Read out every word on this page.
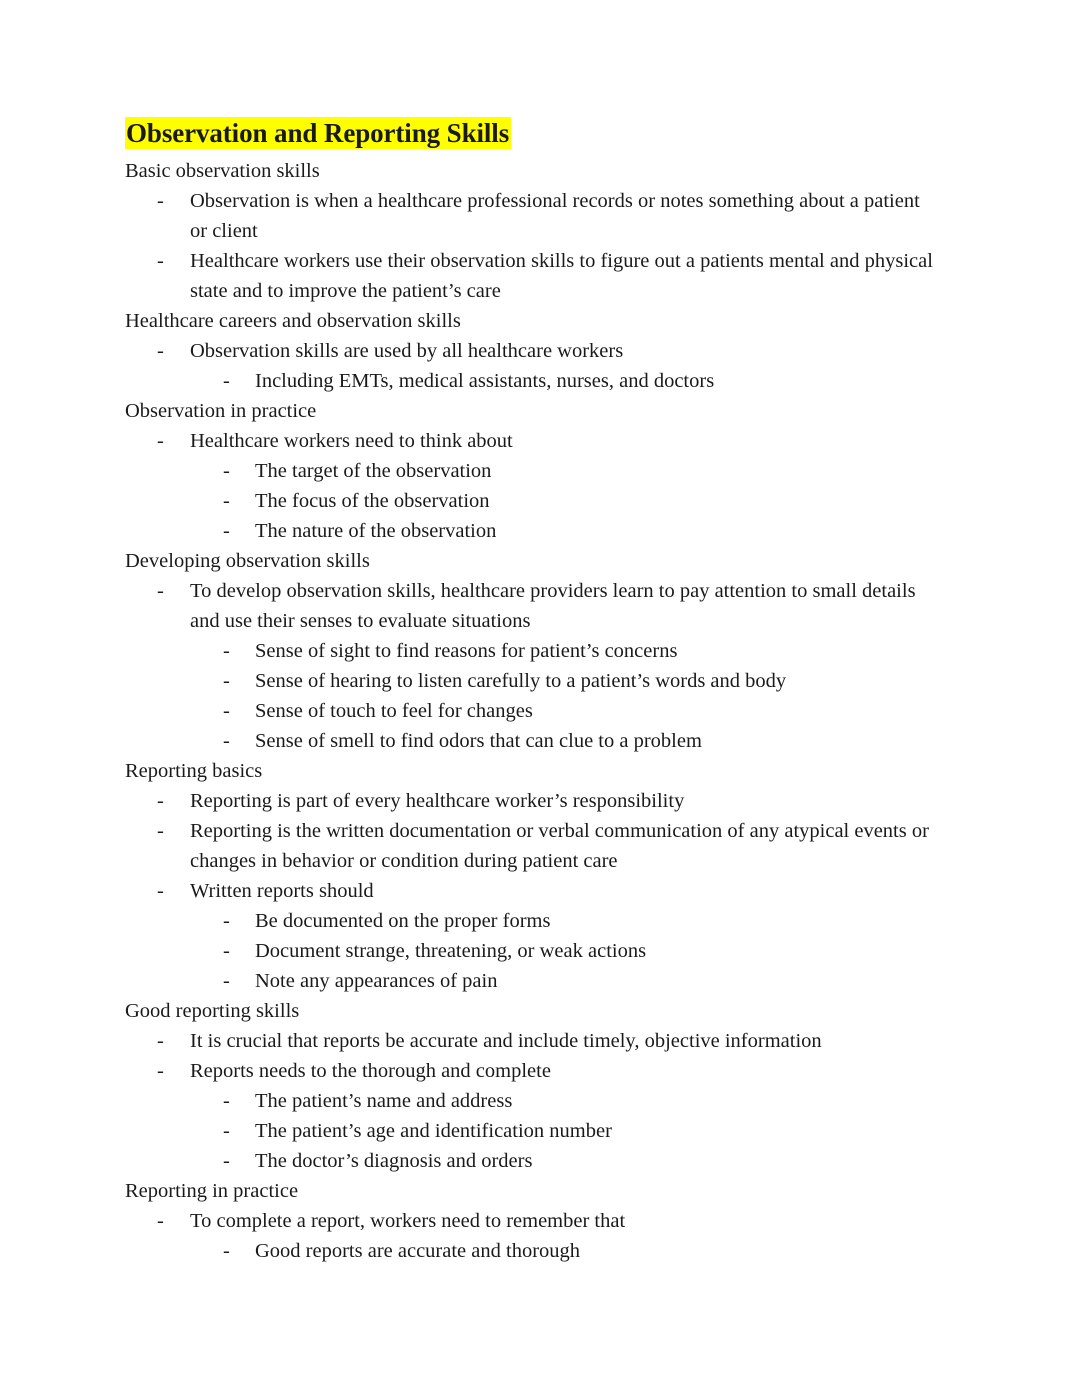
Observation and Reporting Skills
Basic observation skills
- Observation is when a healthcare professional records or notes something about a patient or client
- Healthcare workers use their observation skills to figure out a patients mental and physical state and to improve the patient’s care
Healthcare careers and observation skills
- Observation skills are used by all healthcare workers
- Including EMTs, medical assistants, nurses, and doctors
Observation in practice
- Healthcare workers need to think about
- The target of the observation
- The focus of the observation
- The nature of the observation
Developing observation skills
- To develop observation skills, healthcare providers learn to pay attention to small details and use their senses to evaluate situations
- Sense of sight to find reasons for patient’s concerns
- Sense of hearing to listen carefully to a patient’s words and body
- Sense of touch to feel for changes
- Sense of smell to find odors that can clue to a problem
Reporting basics
- Reporting is part of every healthcare worker’s responsibility
- Reporting is the written documentation or verbal communication of any atypical events or changes in behavior or condition during patient care
- Written reports should
- Be documented on the proper forms
- Document strange, threatening, or weak actions
- Note any appearances of pain
Good reporting skills
- It is crucial that reports be accurate and include timely, objective information
- Reports needs to the thorough and complete
- The patient’s name and address
- The patient’s age and identification number
- The doctor’s diagnosis and orders
Reporting in practice
- To complete a report, workers need to remember that
- Good reports are accurate and thorough
